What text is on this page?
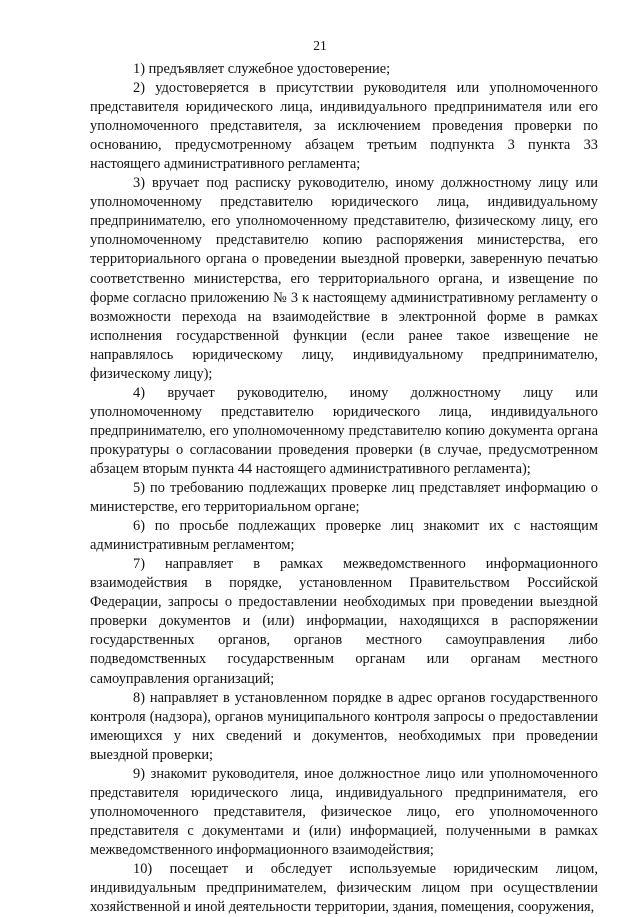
21

1) предъявляет служебное удостоверение;

2) удостоверяется в присутствии руководителя или уполномоченного представителя юридического лица, индивидуального предпринимателя или его уполномоченного представителя, за исключением проведения проверки по основанию, предусмотренному абзацем третьим подпункта 3 пункта 33 настоящего административного регламента;

3) вручает под расписку руководителю, иному должностному лицу или уполномоченному представителю юридического лица, индивидуальному предпринимателю, его уполномоченному представителю, физическому лицу, его уполномоченному представителю копию распоряжения министерства, его территориального органа о проведении выездной проверки, заверенную печатью соответственно министерства, его территориального органа, и извещение по форме согласно приложению № 3 к настоящему административному регламенту о возможности перехода на взаимодействие в электронной форме в рамках исполнения государственной функции (если ранее такое извещение не направлялось юридическому лицу, индивидуальному предпринимателю, физическому лицу);

4) вручает руководителю, иному должностному лицу или уполномоченному представителю юридического лица, индивидуального предпринимателю, его уполномоченному представителю копию документа органа прокуратуры о согласовании проведения проверки (в случае, предусмотренном абзацем вторым пункта 44 настоящего административного регламента);

5) по требованию подлежащих проверке лиц представляет информацию о министерстве, его территориальном органе;

6) по просьбе подлежащих проверке лиц знакомит их с настоящим административным регламентом;

7) направляет в рамках межведомственного информационного взаимодействия в порядке, установленном Правительством Российской Федерации, запросы о предоставлении необходимых при проведении выездной проверки документов и (или) информации, находящихся в распоряжении государственных органов, органов местного самоуправления либо подведомственных государственным органам или органам местного самоуправления организаций;

8) направляет в установленном порядке в адрес органов государственного контроля (надзора), органов муниципального контроля запросы о предоставлении имеющихся у них сведений и документов, необходимых при проведении выездной проверки;

9) знакомит руководителя, иное должностное лицо или уполномоченного представителя юридического лица, индивидуального предпринимателя, его уполномоченного представителя, физическое лицо, его уполномоченного представителя с документами и (или) информацией, полученными в рамках межведомственного информационного взаимодействия;

10) посещает и обследует используемые юридическим лицом, индивидуальным предпринимателем, физическим лицом при осуществлении хозяйственной и иной деятельности территории, здания, помещения, сооружения,
